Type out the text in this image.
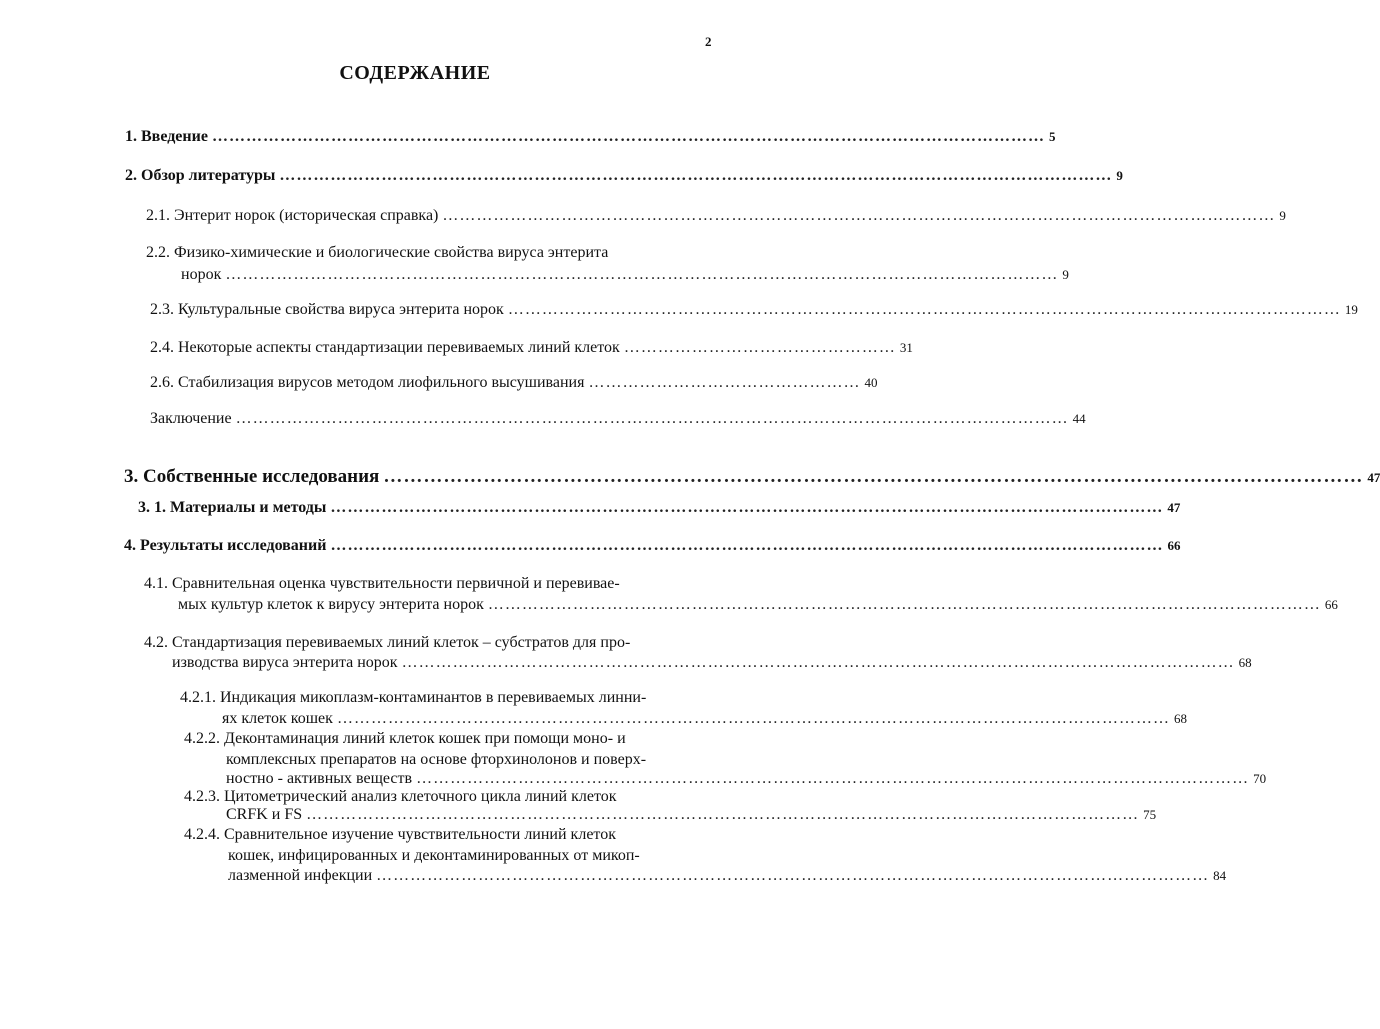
2
СОДЕРЖАНИЕ
1. Введение ………………………………………………………………………………………………………………………………… 5
2. Обзор литературы ………………………………………………………………………………………………………………………………… 9
2.1. Энтерит норок (историческая справка) ………………………………………………………………………………………………………………………………… 9
2.2. Физико-химические и биологические свойства вируса энтерита
норок ………………………………………………………………………………………………………………………………… 9
2.3. Культуральные свойства вируса энтерита норок ………………………………………………………………………………………………………………………………… 19
2.4. Некоторые аспекты стандартизации перевиваемых линий клеток ………………………………………… 31
2.6. Стабилизация вирусов методом лиофильного высушивания ………………………………………… 40
Заключение ………………………………………………………………………………………………………………………………… 44
3. Собственные исследования ………………………………………………………………………………………………………………………………… 47
3. 1. Материалы и методы ………………………………………………………………………………………………………………………………… 47
4. Результаты исследований ………………………………………………………………………………………………………………………………… 66
4.1. Сравнительная оценка чувствительности первичной и перевивае-
мых культур клеток к вирусу энтерита норок ………………………………………………………………………………………………………………………………… 66
4.2. Стандартизация перевиваемых линий клеток – субстратов для про-
изводства вируса энтерита норок ………………………………………………………………………………………………………………………………… 68
4.2.1. Индикация микоплазм-контаминантов в перевиваемых линни-
ях клеток кошек ………………………………………………………………………………………………………………………………… 68
4.2.2. Деконтаминация линий клеток кошек при помощи моно- и
комплексных препаратов на основе фторхинолонов и поверх-
ностно - активных веществ ………………………………………………………………………………………………………………………………… 70
4.2.3. Цитометрический анализ клеточного цикла линий клеток
CRFK и FS ………………………………………………………………………………………………………………………………… 75
4.2.4. Сравнительное изучение чувствительности линий клеток
кошек, инфицированных и деконтаминированных от микоп-
лазменной инфекции ………………………………………………………………………………………………………………………………… 84
